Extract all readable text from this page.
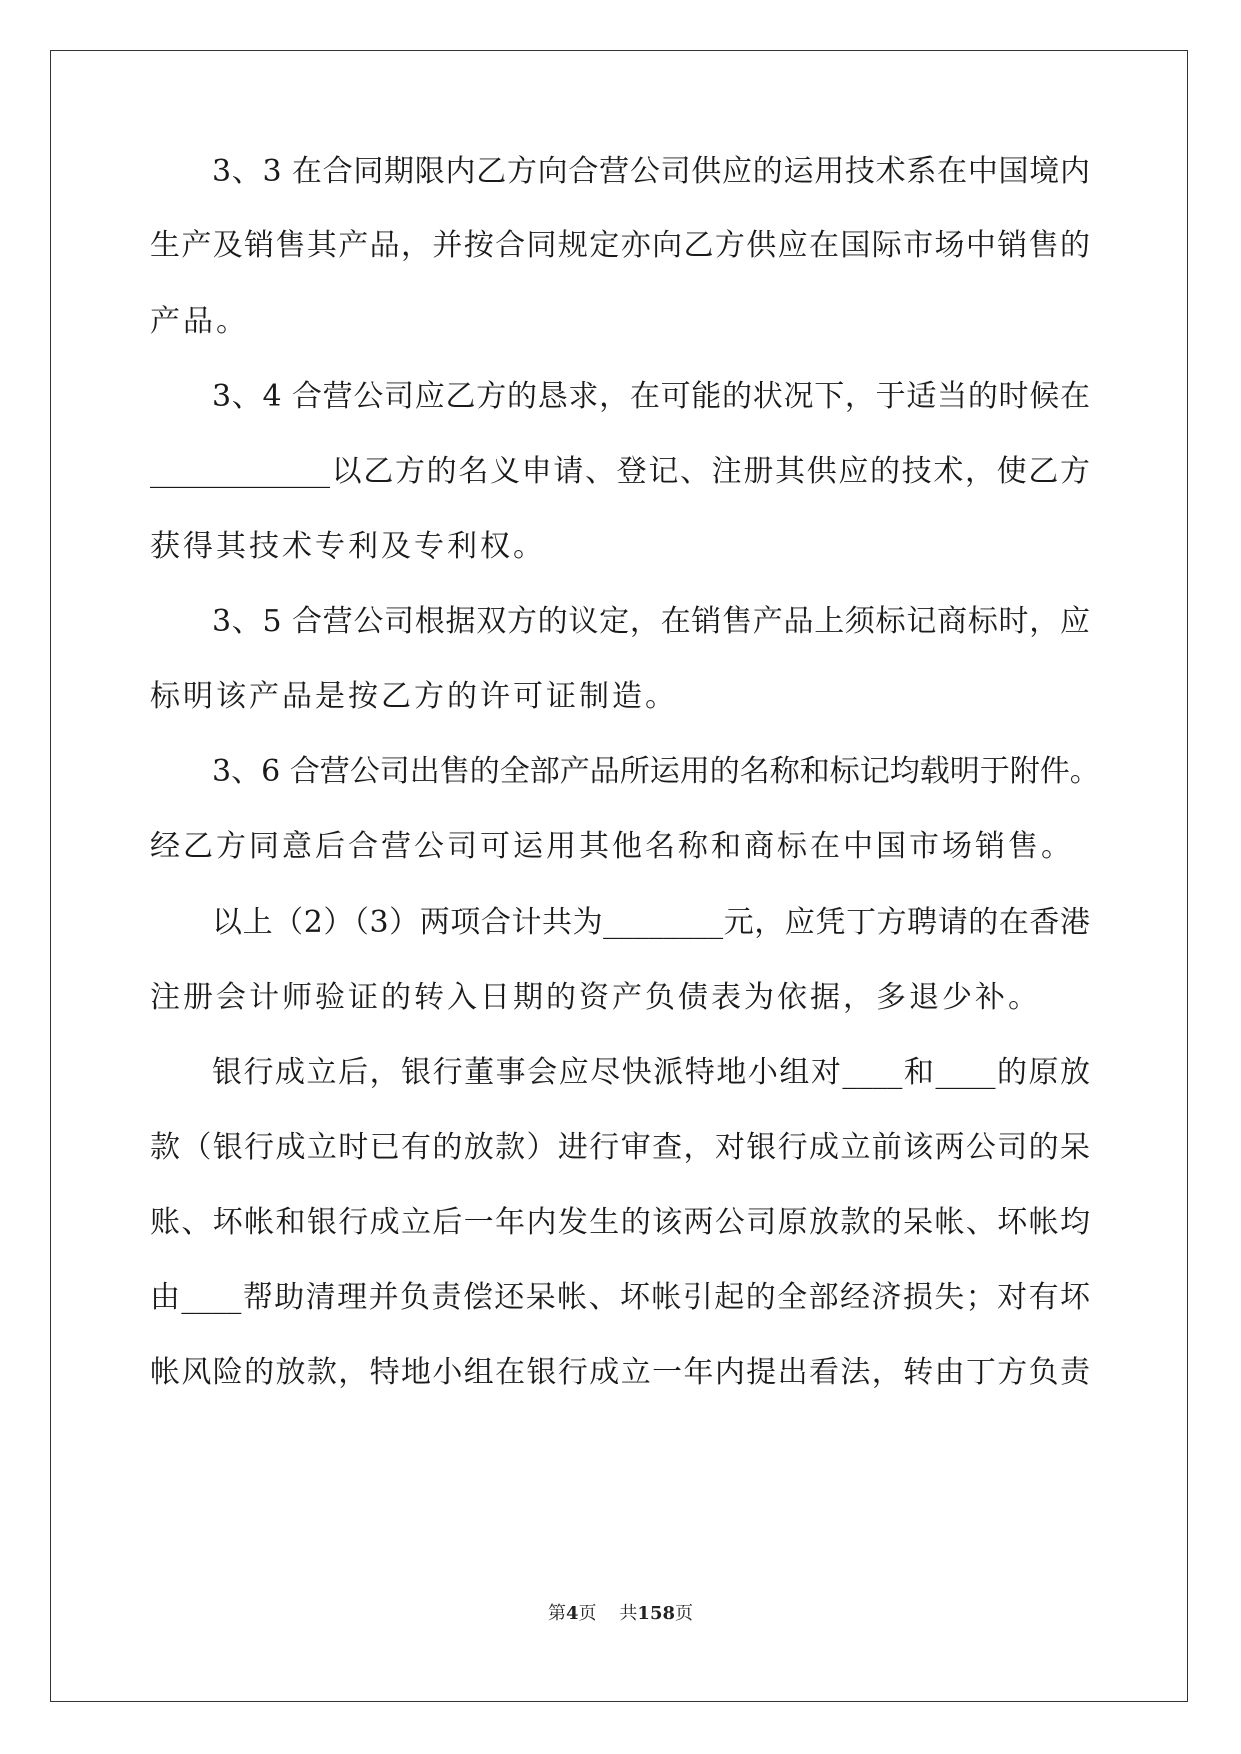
3、3 在合同期限内乙方向合营公司供应的运用技术系在中国境内
生产及销售其产品，并按合同规定亦向乙方供应在国际市场中销售的
产品。
3、4 合营公司应乙方的恳求，在可能的状况下，于适当的时候在
____________以乙方的名义申请、登记、注册其供应的技术，使乙方
获得其技术专利及专利权。
3、5 合营公司根据双方的议定，在销售产品上须标记商标时，应
标明该产品是按乙方的许可证制造。
3、6 合营公司出售的全部产品所运用的名称和标记均载明于附件。
经乙方同意后合营公司可运用其他名称和商标在中国市场销售。
以上（2）（3）两项合计共为________元，应凭丁方聘请的在香港
注册会计师验证的转入日期的资产负债表为依据，多退少补。
银行成立后，银行董事会应尽快派特地小组对____和____的原放
款（银行成立时已有的放款）进行审查，对银行成立前该两公司的呆
账、坏帐和银行成立后一年内发生的该两公司原放款的呆帐、坏帐均
由____帮助清理并负责偿还呆帐、坏帐引起的全部经济损失；对有坏
帐风险的放款，特地小组在银行成立一年内提出看法，转由丁方负责
第4页 共158页
